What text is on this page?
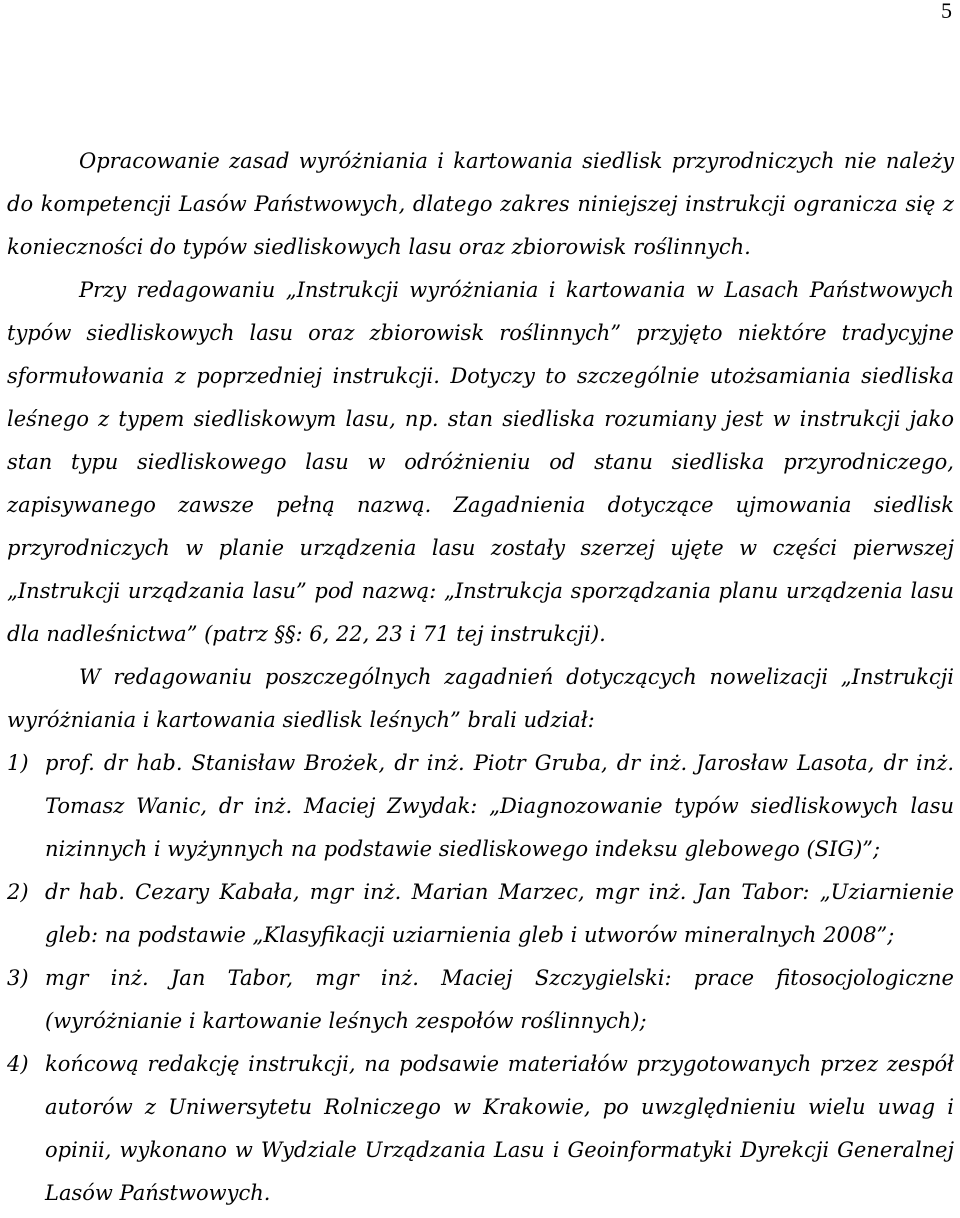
5

Opracowanie zasad wyróżniania i kartowania siedlisk przyrodniczych nie należy do kompetencji Lasów Państwowych, dlatego zakres niniejszej instrukcji ogranicza się z konieczności do typów siedliskowych lasu oraz zbiorowisk roślinnych.

Przy redagowaniu „Instrukcji wyróżniania i kartowania w Lasach Państwowych typów siedliskowych lasu oraz zbiorowisk roślinnych” przyjęto niektóre tradycyjne sformułowania z poprzedniej instrukcji. Dotyczy to szczególnie utożsamiania siedliska leśnego z typem siedliskowym lasu, np. stan siedliska rozumiany jest w instrukcji jako stan typu siedliskowego lasu w odróżnieniu od stanu siedliska przyrodniczego, zapisywanego zawsze pełną nazwą. Zagadnienia dotyczące ujmowania siedlisk przyrodniczych w planie urządzenia lasu zostały szerzej ujęte w części pierwszej „Instrukcji urządzania lasu” pod nazwą: „Instrukcja sporządzania planu urządzenia lasu dla nadleśnictwa” (patrz §§: 6, 22, 23 i 71 tej instrukcji).

W redagowaniu poszczególnych zagadnień dotyczących nowelizacji „Instrukcji wyróżniania i kartowania siedlisk leśnych” brali udział:

1) prof. dr hab. Stanisław Brożek, dr inż. Piotr Gruba, dr inż. Jarosław Lasota, dr inż. Tomasz Wanic, dr inż. Maciej Zwydak: „Diagnozowanie typów siedliskowych lasu nizinnych i wyżynnych na podstawie siedliskowego indeksu glebowego (SIG)”;
2) dr hab. Cezary Kabała, mgr inż. Marian Marzec, mgr inż. Jan Tabor: „Uziarnienie gleb: na podstawie „Klasyfikacji uziarnienia gleb i utworów mineralnych 2008”;
3) mgr inż. Jan Tabor, mgr inż. Maciej Szczygielski: prace fitosocjologiczne (wyróżnianie i kartowanie leśnych zespołów roślinnych);
4) końcową redakcję instrukcji, na podsawie materiałów przygotowanych przez zespół autorów z Uniwersytetu Rolniczego w Krakowie, po uwzględnieniu wielu uwag i opinii, wykonano w Wydziale Urządzania Lasu i Geoinformatyki Dyrekcji Generalnej Lasów Państwowych.
